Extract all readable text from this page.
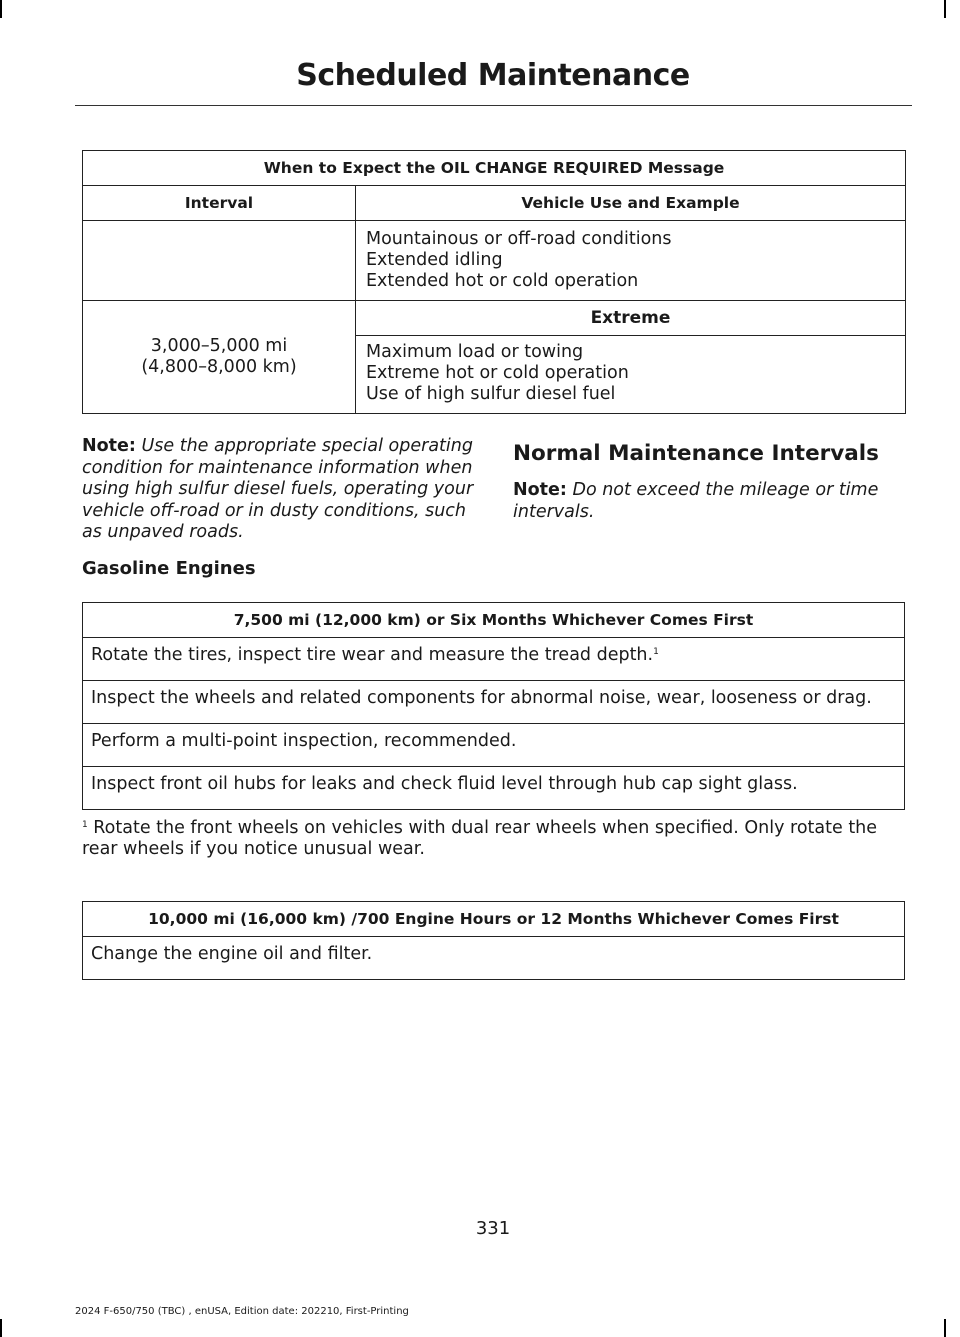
Scheduled Maintenance
When to Expect the OIL CHANGE REQUIRED Message	
Interval	Vehicle Use and Example

	Mountainous or off-road conditions
Extended idling
Extended hot or cold operation

3,000–5,000 mi
(4,800–8,000 km)	Extreme

	Maximum load or towing
Extreme hot or cold operation
Use of high sulfur diesel fuel
Note: Use the appropriate special operating condition for maintenance information when using high sulfur diesel fuels, operating your vehicle off-road or in dusty conditions, such as unpaved roads.
Normal Maintenance Intervals
Note: Do not exceed the mileage or time intervals.
Gasoline Engines
7,500 mi (12,000 km) or Six Months Whichever Comes First
Rotate the tires, inspect tire wear and measure the tread depth.$^1$
Inspect the wheels and related components for abnormal noise, wear, looseness or drag.
Perform a multi-point inspection, recommended.
Inspect front oil hubs for leaks and check fluid level through hub cap sight glass.
$^1$ Rotate the front wheels on vehicles with dual rear wheels when specified. Only rotate the rear wheels if you notice unusual wear.
10,000 mi (16,000 km) /700 Engine Hours or 12 Months Whichever Comes First
Change the engine oil and filter.
331
2024 F-650/750 (TBC) , enUSA, Edition date: 202210, First-Printing
